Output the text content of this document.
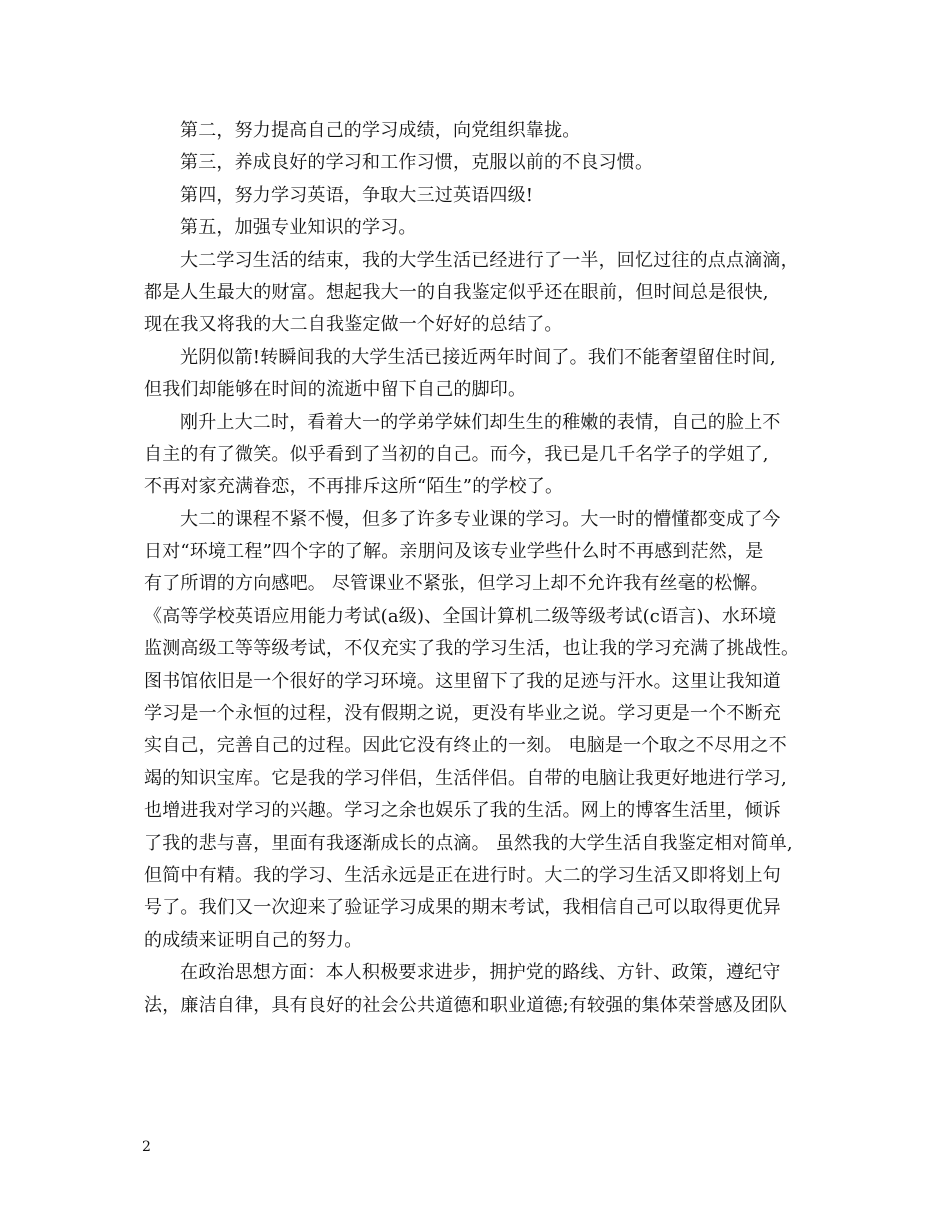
第二，努力提高自己的学习成绩，向党组织靠拢。
第三，养成良好的学习和工作习惯，克服以前的不良习惯。
第四，努力学习英语，争取大三过英语四级!
第五，加强专业知识的学习。
大二学习生活的结束，我的大学生活已经进行了一半，回忆过往的点点滴滴，
都是人生最大的财富。想起我大一的自我鉴定似乎还在眼前，但时间总是很快,
现在我又将我的大二自我鉴定做一个好好的总结了。
光阴似箭!转瞬间我的大学生活已接近两年时间了。我们不能奢望留住时间,
但我们却能够在时间的流逝中留下自己的脚印。
刚升上大二时，看着大一的学弟学妹们却生生的稚嫩的表情，自己的脸上不
自主的有了微笑。似乎看到了当初的自己。而今，我已是几千名学子的学姐了,
不再对家充满眷恋，不再排斥这所“陌生”的学校了。
大二的课程不紧不慢，但多了许多专业课的学习。大一时的懵懂都变成了今
日对“环境工程”四个字的了解。亲朋问及该专业学些什么时不再感到茫然，是
有了所谓的方向感吧。 尽管课业不紧张，但学习上却不允许我有丝毫的松懈。
《高等学校英语应用能力考试(a级)、全国计算机二级等级考试(c语言)、水环境
监测高级工等等级考试，不仅充实了我的学习生活，也让我的学习充满了挑战性。
图书馆依旧是一个很好的学习环境。这里留下了我的足迹与汗水。这里让我知道
学习是一个永恒的过程，没有假期之说，更没有毕业之说。学习更是一个不断充
实自己，完善自己的过程。因此它没有终止的一刻。 电脑是一个取之不尽用之不
竭的知识宝库。它是我的学习伴侣，生活伴侣。自带的电脑让我更好地进行学习,
也增进我对学习的兴趣。学习之余也娱乐了我的生活。网上的博客生活里，倾诉
了我的悲与喜，里面有我逐渐成长的点滴。 虽然我的大学生活自我鉴定相对简单,
但简中有精。我的学习、生活永远是正在进行时。大二的学习生活又即将划上句
号了。我们又一次迎来了验证学习成果的期末考试，我相信自己可以取得更优异
的成绩来证明自己的努力。
在政治思想方面：本人积极要求进步，拥护党的路线、方针、政策，遵纪守
法，廉洁自律，具有良好的社会公共道德和职业道德;有较强的集体荣誉感及团队
2
